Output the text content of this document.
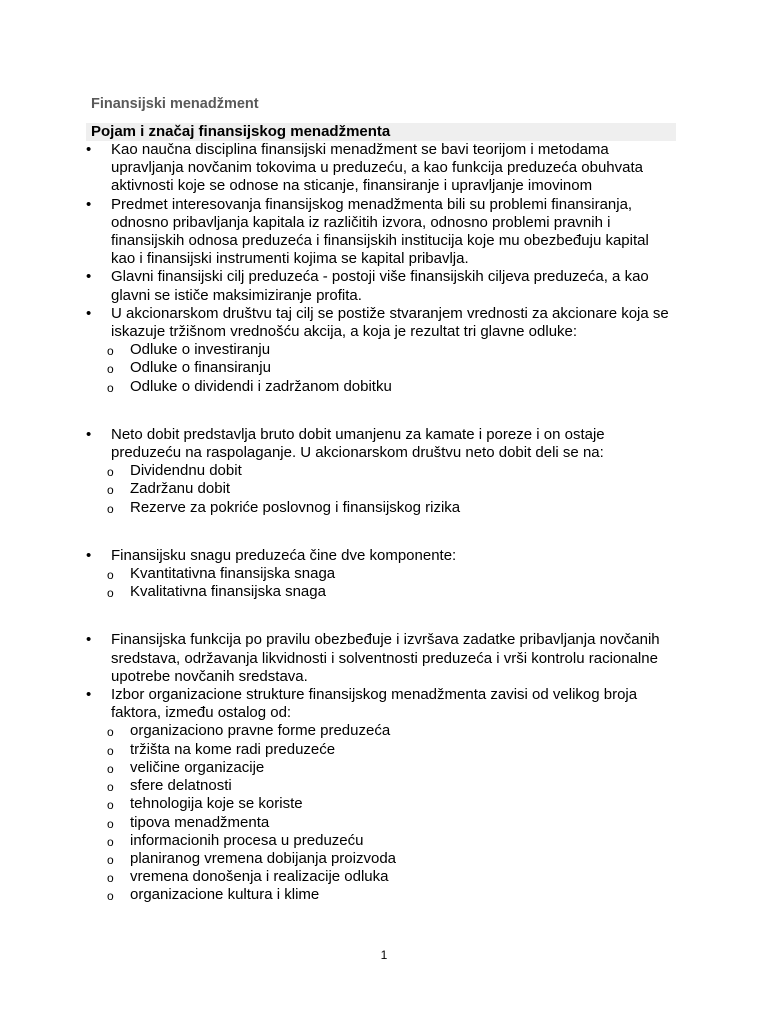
Finansijski menadžment
Pojam i značaj finansijskog menadžmenta
• Kao naučna disciplina finansijski menadžment se bavi teorijom i metodama upravljanja novčanim tokovima u preduzeću, a kao funkcija preduzeća obuhvata aktivnosti koje se odnose na sticanje, finansiranje i upravljanje imovinom
• Predmet interesovanja finansijskog menadžmenta bili su problemi finansiranja, odnosno pribavljanja kapitala iz različitih izvora, odnosno problemi pravnih i finansijskih odnosa preduzeća i finansijskih institucija koje mu obezbeđuju kapital kao i finansijski instrumenti kojima se kapital pribavlja.
• Glavni finansijski cilj preduzeća - postoji više finansijskih ciljeva preduzeća, a kao glavni se ističe maksimiziranje profita.
• U akcionarskom društvu taj cilj se postiže stvaranjem vrednosti za akcionare koja se iskazuje tržišnom vrednošću akcija, a koja je rezultat tri glavne odluke:
o Odluke o investiranju
o Odluke o finansiranju
o Odluke o dividendi i zadržanom dobitku
• Neto dobit predstavlja bruto dobit umanjenu za kamate i poreze i on ostaje preduzeću na raspolaganje. U akcionarskom društvu neto dobit deli se na:
o Dividendnu dobit
o Zadržanu dobit
o Rezerve za pokriće poslovnog i finansijskog rizika
• Finansijsku snagu preduzeća čine dve komponente:
o Kvantitativna finansijska snaga
o Kvalitativna finansijska snaga
• Finansijska funkcija po pravilu obezbeđuje i izvršava zadatke pribavljanja novčanih sredstava, održavanja likvidnosti i solventnosti preduzeća i vrši kontrolu racionalne upotrebe novčanih sredstava.
• Izbor organizacione strukture finansijskog menadžmenta zavisi od velikog broja faktora, između ostalog od:
o organizaciono pravne forme preduzeća
o tržišta na kome radi preduzeće
o veličine organizacije
o sfere delatnosti
o tehnologija koje se koriste
o tipova menadžmenta
o informacionih procesa u preduzeću
o planiranog vremena dobijanja proizvoda
o vremena donošenja i realizacije odluka
o organizacione kultura i klime
1
